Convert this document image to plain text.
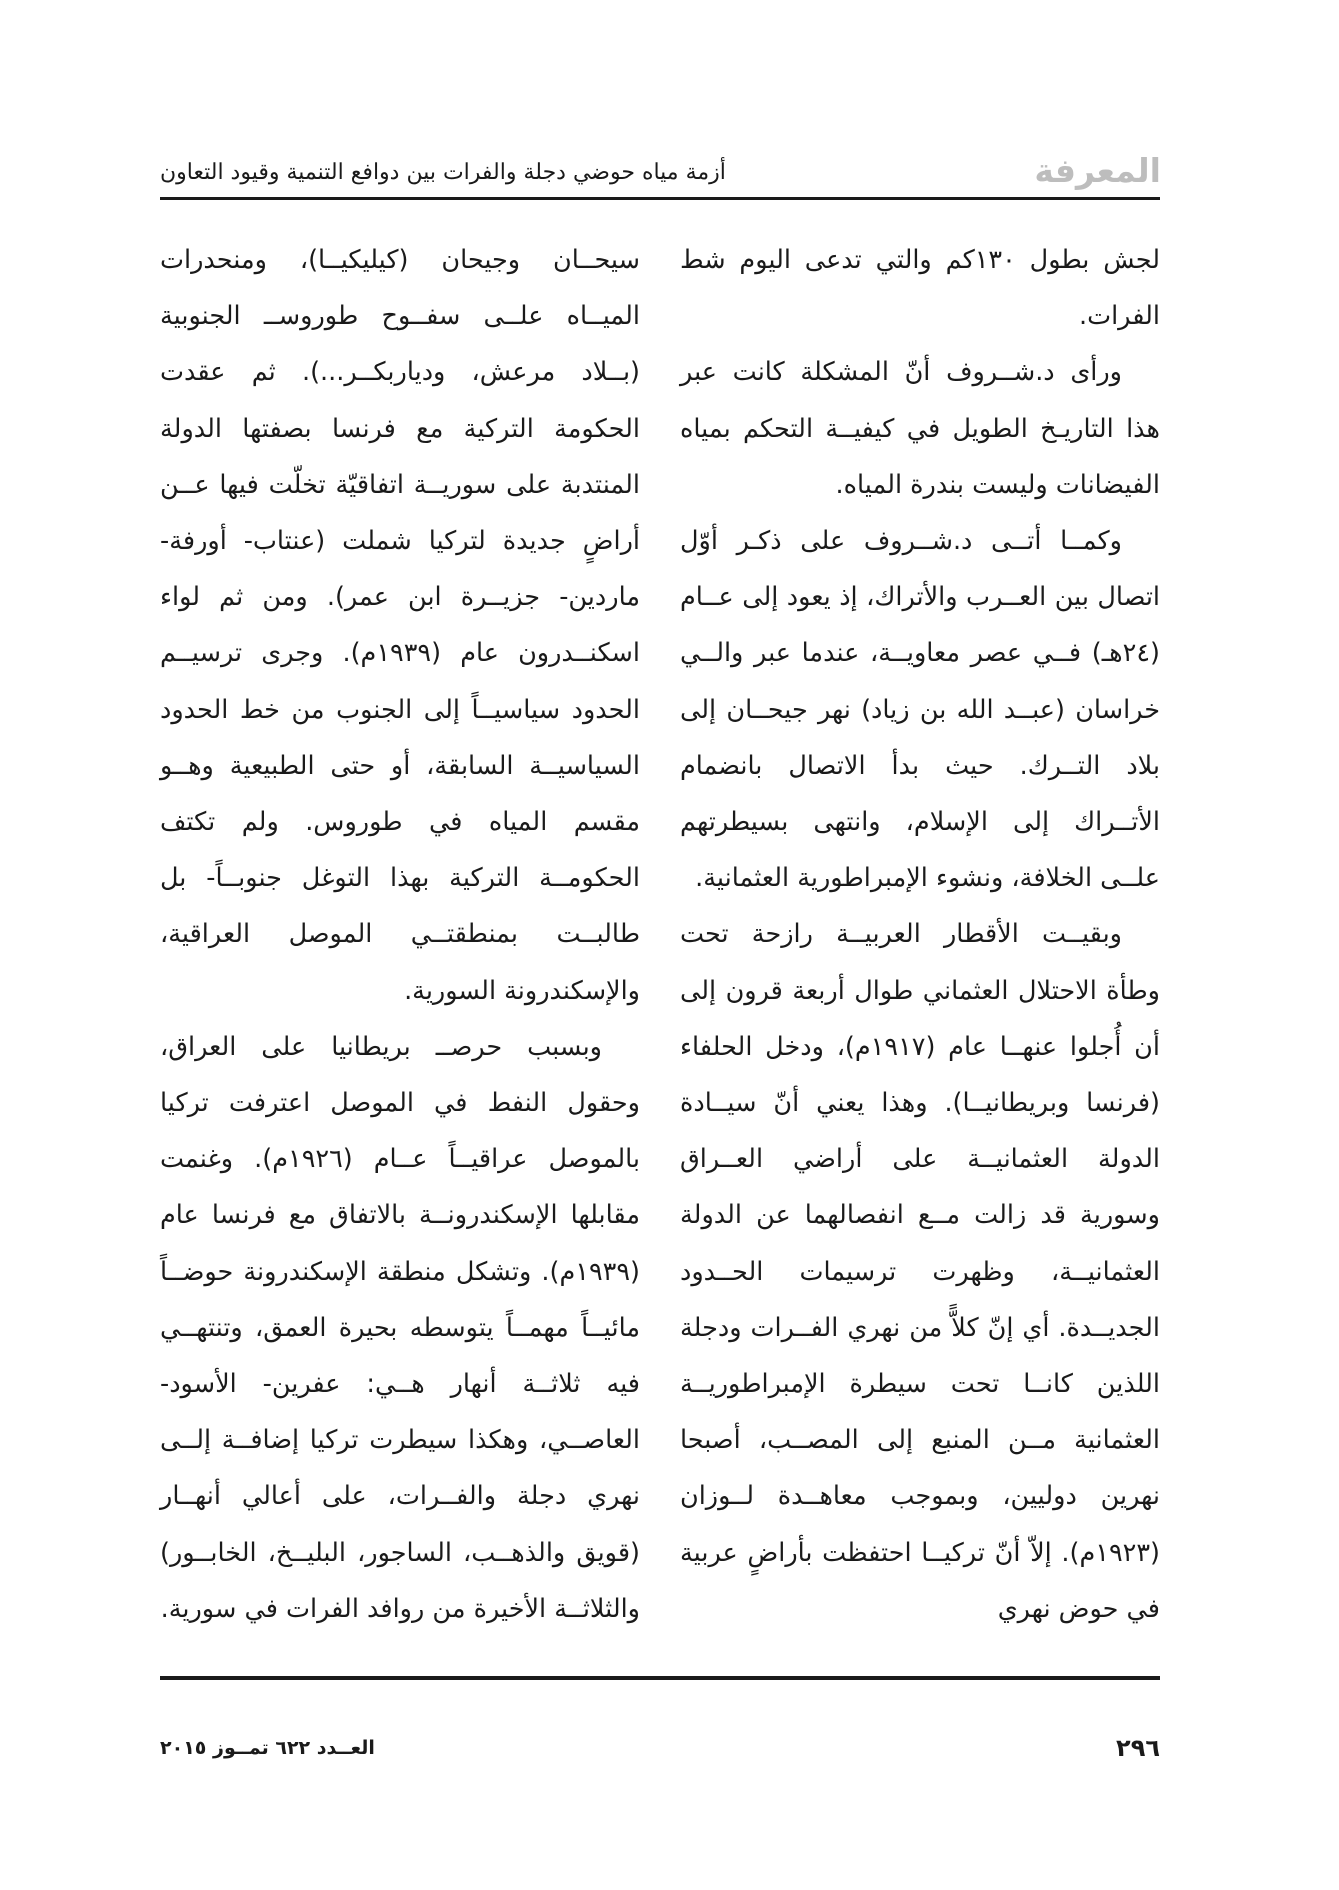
المعرفة
أزمة مياه حوضي دجلة والفرات بين دوافع التنمية وقيود التعاون

لجش بطول ١٣٠كم والتي تدعى اليوم شط الفرات.

ورأى د.شــروف أنّ المشكلة كانت عبر هذا التاريـخ الطويل في كيفيــة التحكم بمياه الفيضانات وليست بندرة المياه.

وكمــا أتــى د.شــروف على ذكـر أوّل اتصال بين العــرب والأتراك، إذ يعود إلى عــام (٢٤هـ) فــي عصر معاويــة، عندما عبر والــي خراسان (عبــد الله بن زياد) نهر جيحــان إلى بلاد التــرك. حيث بدأ الاتصال بانضمام الأتــراك إلى الإسلام، وانتهى بسيطرتهم علــى الخلافة، ونشوء الإمبراطورية العثمانية.

وبقيــت الأقطار العربيــة رازحة تحت وطأة الاحتلال العثماني طوال أربعة قرون إلى أن أُجلوا عنهــا عام (١٩١٧م)، ودخل الحلفاء (فرنسا وبريطانيــا). وهذا يعني أنّ سيــادة الدولة العثمانيــة على أراضي العــراق وسورية قد زالت مــع انفصالهما عن الدولة العثمانيــة، وظهرت ترسيمات الحــدود الجديــدة. أي إنّ كلاًّ من نهري الفــرات ودجلة اللذين كانــا تحت سيطرة الإمبراطوريــة العثمانية مــن المنبع إلى المصــب، أصبحا نهرين دوليين، وبموجب معاهــدة لــوزان (١٩٢٣م). إلاّ أنّ تركيــا احتفظت بأراضٍ عربية في حوض نهري

سيحــان وجيحان (كيليكيــا)، ومنحدرات الميــاه علــى سفــوح طوروســ الجنوبية (بــلاد مرعش، ودياربكــر...). ثم عقدت الحكومة التركية مع فرنسا بصفتها الدولة المنتدبة على سوريــة اتفاقيّة تخلّت فيها عــن أراضٍ جديدة لتركيا شملت (عنتاب- أورفة- ماردين- جزيــرة ابن عمر). ومن ثم لواء اسكنــدرون عام (١٩٣٩م). وجرى ترسيــم الحدود سياسيــاً إلى الجنوب من خط الحدود السياسيــة السابقة، أو حتى الطبيعية وهــو مقسم المياه في طوروس. ولم تكتف الحكومــة التركية بهذا التوغل جنوبــاً- بل طالبــت بمنطقتــي الموصل العراقية، والإسكندرونة السورية.

وبسبب حرصــ بريطانيا على العراق، وحقول النفط في الموصل اعترفت تركيا بالموصل عراقيــاً عــام (١٩٢٦م). وغنمت مقابلها الإسكندرونــة بالاتفاق مع فرنسا عام (١٩٣٩م). وتشكل منطقة الإسكندرونة حوضــاً مائيــاً مهمــاً يتوسطه بحيرة العمق، وتنتهــي فيه ثلاثــة أنهار هــي: عفرين- الأسود- العاصــي، وهكذا سيطرت تركيا إضافــة إلــى نهري دجلة والفــرات، على أعالي أنهــار (قويق والذهــب، الساجور، البليــخ، الخابــور) والثلاثــة الأخيرة من روافد الفرات في سورية.

٢٩٦
العــدد ٦٢٢ تمــوز ٢٠١٥
